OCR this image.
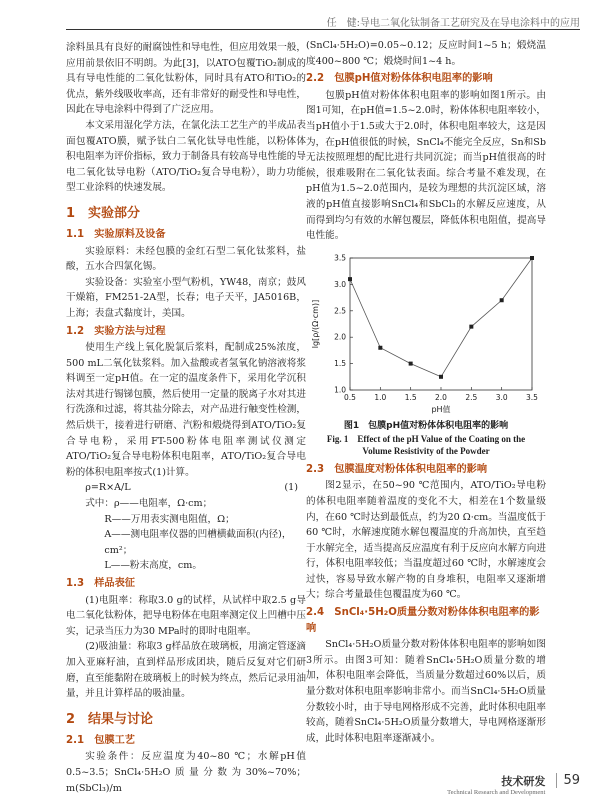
任　健:导电二氧化钛制备工艺研究及在导电涂料中的应用

涂料虽具有良好的耐腐蚀性和导电性，但应用效果一般，应用前景依旧不明朗。为此[3]，以ATO包覆TiO₂制成的具有导电性能的二氧化钛粉体，同时具有ATO和TiO₂的优点，紫外线吸收率高，还有非常好的耐受性和导电性，因此在导电涂料中得到了广泛应用。

本文采用湿化学方法，在氯化法工艺生产的半成品表面包覆ATO膜，赋予钛白二氧化钛导电性能，以粉体体积电阻率为评价指标，致力于制备具有较高导电性能的导电二氧化钛导电粉（ATO/TiO₂复合导电粉），助力功能型工业涂料的快速发展。

1　实验部分
1.1　实验原料及设备

实验原料：未经包膜的金红石型二氧化钛浆料，盐酸，五水合四氯化锡。

实验设备：实验室小型气粉机，YW48，南京；鼓风干燥箱，FM251-2A型，长春；电子天平，JA5016B，上海；表盘式黏度计，美国。

1.2　实验方法与过程

使用生产线上氧化脱氯后浆料，配制成25%浓度，500 mL二氧化钛浆料。加入盐酸或者氢氧化钠溶液将浆料调至一定pH值。在一定的温度条件下，采用化学沉积法对其进行锡锑包膜，然后使用一定量的脱离子水对其进行洗涤和过滤，将其盐分除去，对产品进行触变性检测，然后烘干，接着进行研磨、汽粉和煅烧得到ATO/TiO₂复合导电粉，采用FT-500粉体电阻率测试仪测定ATO/TiO₂复合导电粉体积电阻率，ATO/TiO₂复合导电粉的体积电阻率按式(1)计算。

ρ=R×A/L	(1)
式中：ρ——电阻率，Ω·cm；
R——万用表实测电阻值，Ω；
A——测电阻率仪器的凹槽横截面积(内径)，cm²；
L——粉末高度，cm。
1.3　样品表征

(1)电阻率：称取3.0 g的试样，从试样中取2.5 g导电二氧化钛粉体，把导电粉体在电阻率测定仪上凹槽中压实，记录当压力为30 MPa时的即时电阻率。

(2)吸油量：称取3 g样品放在玻璃板，用滴定管逐滴加入亚麻籽油，直到样品形成团块，随后反复对它们研磨，直至能黏附在玻璃板上的时候为终点，然后记录用油量，并且计算样品的吸油量。

2　结果与讨论
2.1　包膜工艺

实验条件：反应温度为40~80 ℃；水解pH值0.5~3.5；SnCl₄·5H₂O质量分数为30%~70%；m(SbCl₃)/m

(SnCl₄·5H₂O)=0.05~0.12；反应时间1~5 h；煅烧温度400~800 ℃；煅烧时间1~4 h。

2.2　包膜pH值对粉体体积电阻率的影响

包膜pH值对粉体体积电阻率的影响如图1所示。由图1可知，在pH值=1.5~2.0时，粉体体积电阻率较小，当pH值小于1.5或大于2.0时，体积电阻率较大，这是因为，在pH值很低的时候，SnCl₄不能完全反应，Sn和Sb无法按照理想的配比进行共同沉淀；而当pH值很高的时候，很难吸附在二氧化钛表面。综合考量不难发现，在pH值为1.5~2.0范围内，是较为理想的共沉淀区域，溶液的pH值直接影响SnCl₄和SbCl₃的水解反应速度，从而得到均匀有效的水解包覆层，降低体积电阻值，提高导电性能。

0.5 1.0 1.5 2.0 2.5 3.0 3.5
1.0
1.5
2.0
2.5
3.0
3.5
lg[ρ/(Ω·cm)]
pH值
图1　包膜pH值对粉体体积电阻率的影响
Fig. 1　Effect of the pH Value of the Coating on the
Volume Resistivity of the Powder
2.3　包膜温度对粉体体积电阻率的影响

图2显示，在50~90 ℃范围内，ATO/TiO₂导电粉的体积电阻率随着温度的变化不大，相差在1个数量级内，在60 ℃时达到最低点，约为20 Ω·cm。当温度低于60 ℃时，水解速度随水解包覆温度的升高加快，直至趋于水解完全，适当提高反应温度有利于反应向水解方向进行，体积电阻率较低；当温度超过60 ℃时，水解速度会过快，容易导致水解产物的自身堆积，电阻率又逐渐增大；综合考量最佳包覆温度为60 ℃。

2.4　SnCl₄·5H₂O质量分数对粉体体积电阻率的影响

SnCl₄·5H₂O质量分数对粉体体积电阻率的影响如图3所示。由图3可知：随着SnCl₄·5H₂O质量分数的增加，体积电阻率会降低，当质量分数超过60%以后，质量分数对体积电阻率影响非常小。而当SnCl₄·5H₂O质量分数较小时，由于导电网格形成不完善，此时体积电阻率较高，随着SnCl₄·5H₂O质量分数增大，导电网格逐渐形成，此时体积电阻率逐渐减小。

技术研发
Technical Research and Development
59
